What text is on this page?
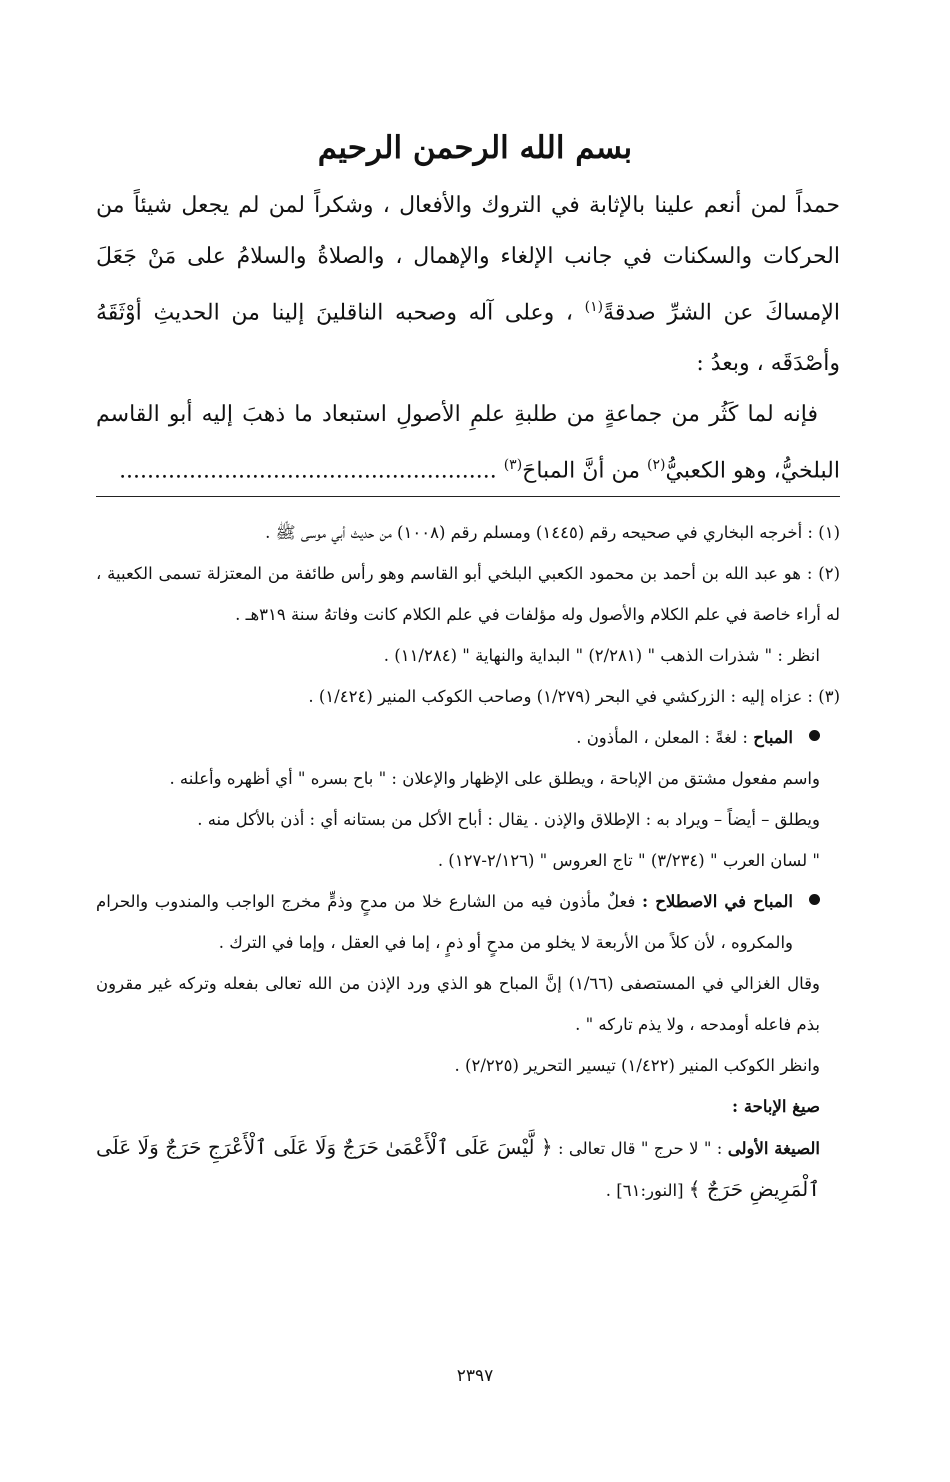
بسم الله الرحمن الرحيم

حمداً لمن أنعم علينا بالإثابة في التروك والأفعال ، وشكراً لمن لم يجعل شيئاً من الحركات والسكنات في جانب الإلغاء والإهمال ، والصلاةُ والسلامُ على مَنْ جَعَلَ الإمساكَ عن الشرِّ صدقةً$^{(١)}$ ، وعلى آله وصحبه الناقلينَ إلينا من الحديثِ أوْثَقَهُ وأصْدَقَه ، وبعدُ :

فإنه لما كَثُر من جماعةٍ من طلبةِ علمِ الأصولِ استبعاد ما ذهبَ إليه أبو القاسم البلخيُّ، وهو الكعبيُّ$^{(٢)}$ من أنَّ المباحَ$^{(٣)}$ ......................................................

(١) : أخرجه البخاري في صحيحه رقم (١٤٤٥) ومسلم رقم (١٠٠٨) من حديث أبي موسى ﷺ .

(٢) : هو عبد الله بن أحمد بن محمود الكعبي البلخي أبو القاسم وهو رأس طائفة من المعتزلة تسمى الكعبية ، له أراء خاصة في علم الكلام والأصول وله مؤلفات في علم الكلام كانت وفاتهُ سنة ٣١٩هـ .

انظر : " شذرات الذهب " (٢/٢٨١) " البداية والنهاية " (١١/٢٨٤) .

(٣) : عزاه إليه : الزركشي في البحر (١/٢٧٩) وصاحب الكوكب المنير (١/٤٢٤) .

المباح : لغةً : المعلن ، المأذون .

واسم مفعول مشتق من الإباحة ، ويطلق على الإظهار والإعلان : " باح بسره " أي أظهره وأعلنه .

ويطلق – أيضاً – ويراد به : الإطلاق والإذن . يقال : أباح الأكل من بستانه أي : أذن بالأكل منه .

" لسان العرب " (٣/٢٣٤) " تاج العروس " (٢/١٢٦-١٢٧) .

المباح في الاصطلاح : فعلٌ مأذون فيه من الشارع خلا من مدحٍ وذمٍّ مخرج الواجب والمندوب والحرام والمكروه ، لأن كلاً من الأربعة لا يخلو من مدحٍ أو ذمٍ ، إما في العقل ، وإما في الترك .

وقال الغزالي في المستصفى (١/٦٦) إنَّ المباح هو الذي ورد الإذن من الله تعالى بفعله وتركه غير مقرون بذم فاعله أومدحه ، ولا يذم تاركه " .

وانظر الكوكب المنير (١/٤٢٢) تيسير التحرير (٢/٢٢٥) .

صيغ الإباحة :

الصيغة الأولى : " لا حرج " قال تعالى : ﴿ لَّيْسَ عَلَى ٱلْأَعْمَىٰ حَرَجٌ وَلَا عَلَى ٱلْأَعْرَجِ حَرَجٌ وَلَا عَلَى ٱلْمَرِيضِ حَرَجٌ ﴾ [النور:٦١] .

٢٣٩٧
